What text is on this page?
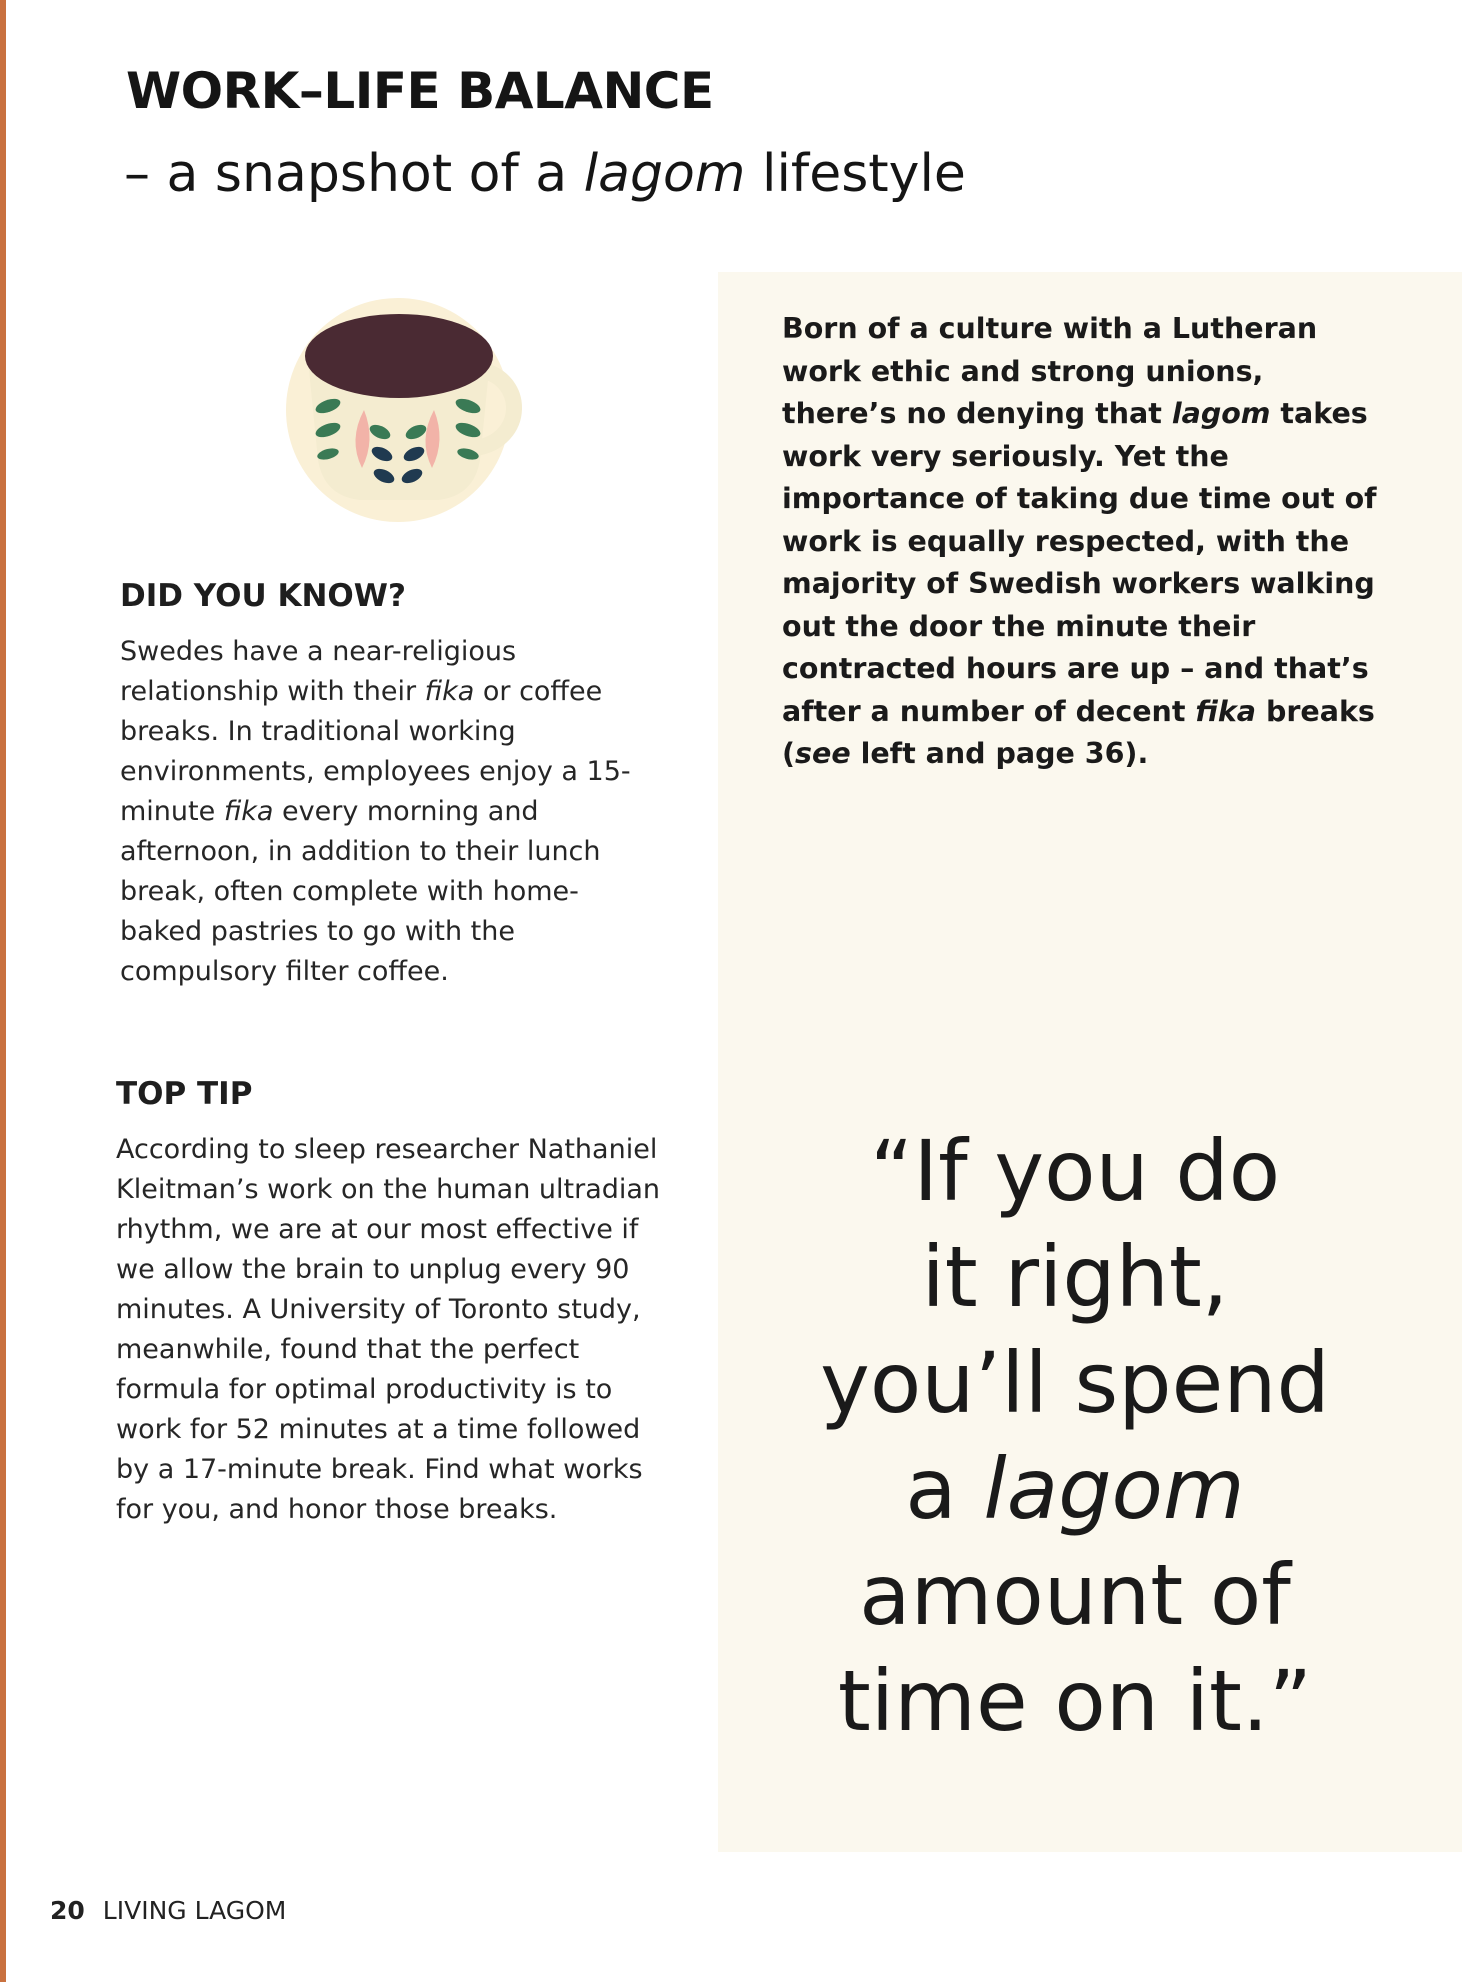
WORK–LIFE BALANCE
– a snapshot of a lagom lifestyle
DID YOU KNOW?

Swedes have a near-religious relationship with their fika or coffee breaks. In traditional working environments, employees enjoy a 15-minute fika every morning and afternoon, in addition to their lunch break, often complete with home-baked pastries to go with the compulsory filter coffee.

TOP TIP

According to sleep researcher Nathaniel Kleitman’s work on the human ultradian rhythm, we are at our most effective if we allow the brain to unplug every 90 minutes. A University of Toronto study, meanwhile, found that the perfect formula for optimal productivity is to work for 52 minutes at a time followed by a 17-minute break. Find what works for you, and honor those breaks.

Born of a culture with a Lutheran work ethic and strong unions, there’s no denying that lagom takes work very seriously. Yet the importance of taking due time out of work is equally respected, with the majority of Swedish workers walking out the door the minute their contracted hours are up – and that’s after a number of decent fika breaks (see left and page 36).

“If you do
it right,
you’ll spend
a lagom
amount of
time on it.”
20 LIVING LAGOM
